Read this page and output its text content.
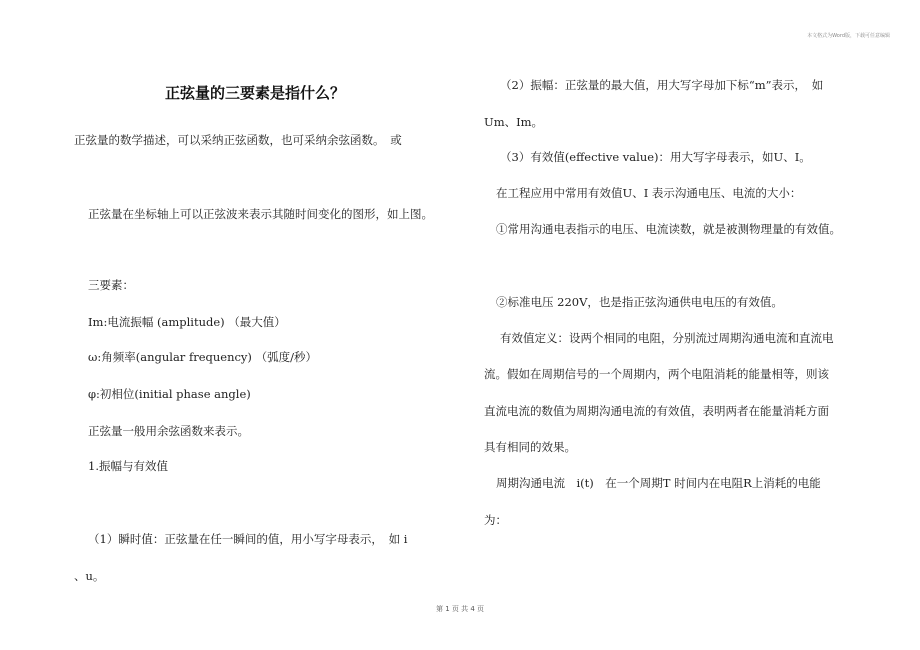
本文格式为Word版，下载可任意编辑
正弦量的三要素是指什么？
正弦量的数学描述，可以采纳正弦函数，也可采纳余弦函数。　或
正弦量在坐标轴上可以正弦波来表示其随时间变化的图形，如上图。
三要素：
Im:电流振幅 (amplitude) （最大值）
ω:角频率(angular frequency) （弧度/秒）
φ:初相位(initial phase angle)
正弦量一般用余弦函数来表示。
1.振幅与有效值
（1）瞬时值：正弦量在任一瞬间的值，用小写字母表示，　如 i
、u。
（2）振幅：正弦量的最大值，用大写字母加下标“m”表示，　如
Um、Im。
（3）有效值(effective value)：用大写字母表示，如U、I。
在工程应用中常用有效值U、I 表示沟通电压、电流的大小：
①常用沟通电表指示的电压、电流读数，就是被测物理量的有效值。
②标准电压 220V，也是指正弦沟通供电电压的有效值。
有效值定义：设两个相同的电阻，分别流过周期沟通电流和直流电
流。假如在周期信号的一个周期内，两个电阻消耗的能量相等，则该
直流电流的数值为周期沟通电流的有效值，表明两者在能量消耗方面
具有相同的效果。
周期沟通电流　i(t)　在一个周期T 时间内在电阻R上消耗的电能
为：
第 1 页 共 4 页
